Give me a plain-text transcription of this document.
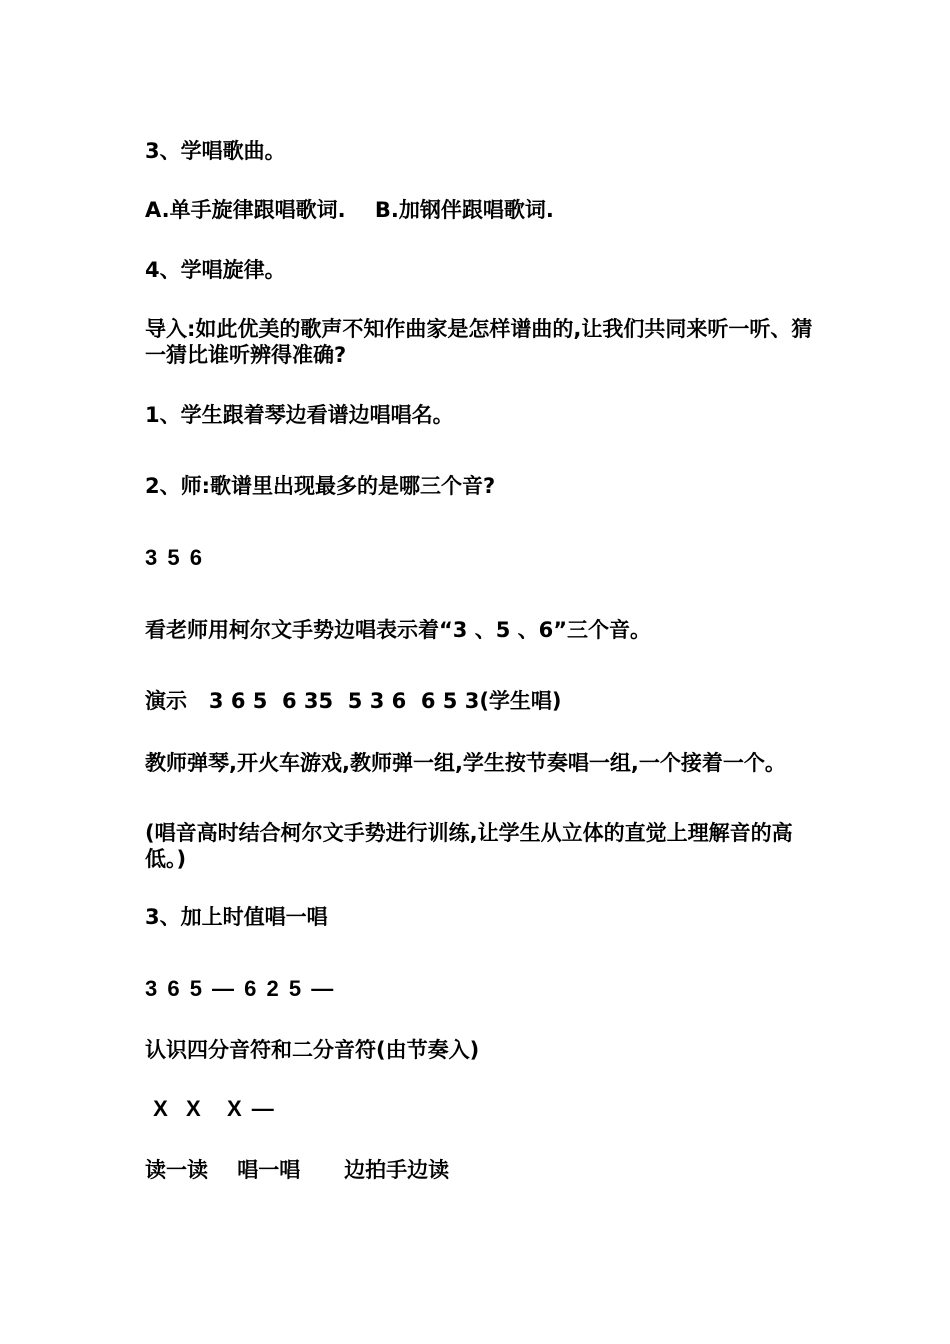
3、学唱歌曲。
A.单手旋律跟唱歌词.    B.加钢伴跟唱歌词.
4、学唱旋律。
导入:如此优美的歌声不知作曲家是怎样谱曲的,让我们共同来听一听、猜一猜比谁听辨得准确?
1、学生跟着琴边看谱边唱唱名。
2、师:歌谱里出现最多的是哪三个音?
3 5 6
看老师用柯尔文手势边唱表示着“3 、5 、6”三个音。
演示   3 6 5  6 35  5 3 6  6 5 3(学生唱)
教师弹琴,开火车游戏,教师弹一组,学生按节奏唱一组,一个接着一个。
(唱音高时结合柯尔文手势进行训练,让学生从立体的直觉上理解音的高低。)
3、加上时值唱一唱
3 6 5 — 6 2 5 —
认识四分音符和二分音符(由节奏入)
X  X   X —
读一读    唱一唱      边拍手边读
